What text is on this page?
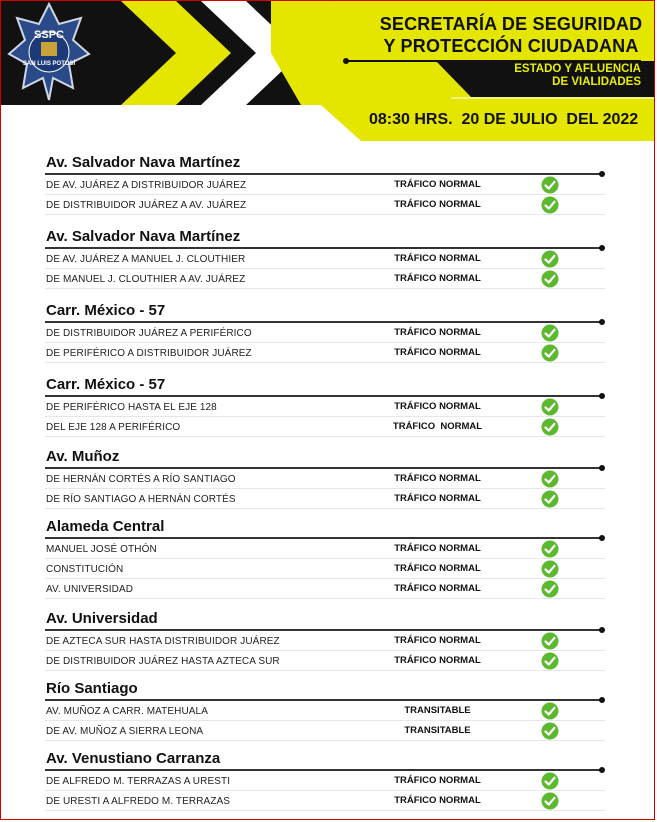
SSPC
SAN LUIS POTOSÍ
SECRETARÍA DE SEGURIDAD
Y PROTECCIÓN CIUDADANA
ESTADO Y AFLUENCIA
DE VIALIDADES
08:30 HRS.  20 DE JULIO  DEL 2022
Av. Salvador Nava Martínez
DE AV. JUÁREZ A DISTRIBUIDOR JUÁREZ	TRÁFICO NORMAL
DE DISTRIBUIDOR JUÁREZ A AV. JUÁREZ	TRÁFICO NORMAL
Av. Salvador Nava Martínez
DE AV. JUÁREZ A MANUEL J. CLOUTHIER	TRÁFICO NORMAL
DE MANUEL J. CLOUTHIER A AV. JUÁREZ	TRÁFICO NORMAL
Carr. México - 57
DE DISTRIBUIDOR JUÁREZ A PERIFÉRICO	TRÁFICO NORMAL
DE PERIFÉRICO A DISTRIBUIDOR JUÁREZ	TRÁFICO NORMAL
Carr. México - 57
DE PERIFÉRICO HASTA EL EJE 128	TRÁFICO NORMAL
DEL EJE 128 A PERIFÉRICO	TRÁFICO  NORMAL
Av. Muñoz
DE HERNÁN CORTÉS A RÍO SANTIAGO	TRÁFICO NORMAL
DE RÍO SANTIAGO A HERNÁN CORTÉS	TRÁFICO NORMAL
Alameda Central
MANUEL JOSÉ OTHÓN	TRÁFICO NORMAL
CONSTITUCIÓN	TRÁFICO NORMAL
AV. UNIVERSIDAD	TRÁFICO NORMAL
Av. Universidad
DE AZTECA SUR HASTA DISTRIBUIDOR JUÁREZ	TRÁFICO NORMAL
DE DISTRIBUIDOR JUÁREZ HASTA AZTECA SUR	TRÁFICO NORMAL
Río Santiago
AV. MUÑOZ A CARR. MATEHUALA	TRANSITABLE
DE AV. MUÑOZ A SIERRA LEONA	TRANSITABLE
Av. Venustiano Carranza
DE ALFREDO M. TERRAZAS A URESTI	TRÁFICO NORMAL
DE URESTI A ALFREDO M. TERRAZAS	TRÁFICO NORMAL
